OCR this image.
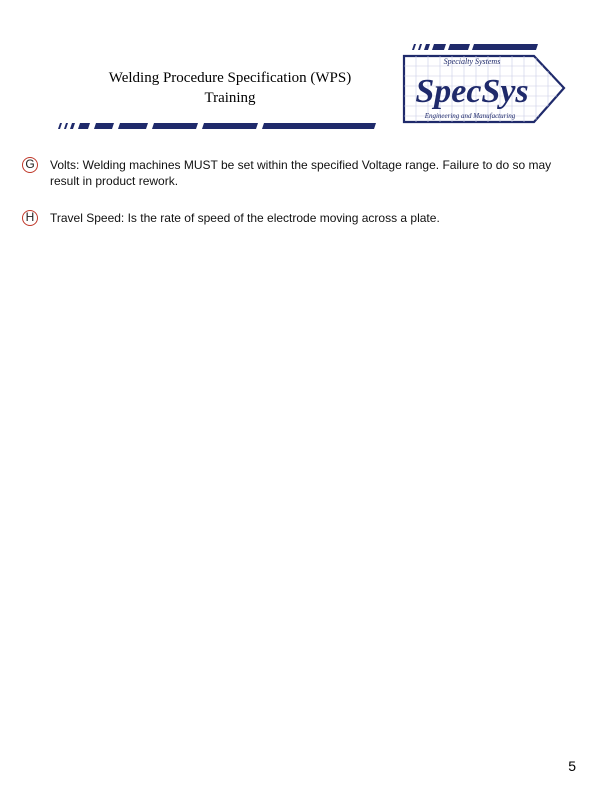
Welding Procedure Specification (WPS)
Training
Specialty Systems
SpecSys
Engineering and Manufacturing
G Volts: Welding machines MUST be set within the specified Voltage range. Failure to do so may result in product rework.
H	Travel Speed: Is the rate of speed of the electrode moving across a plate.
5
